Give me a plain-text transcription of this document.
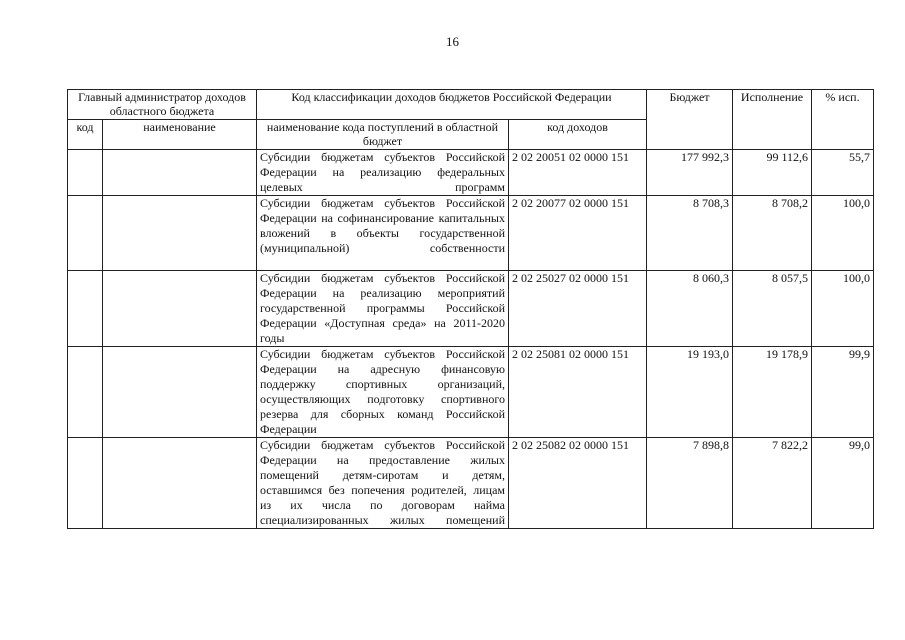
16
Главный администратор доходов областного бюджета		Код классификации доходов бюджетов Российской Федерации		Бюджет	Исполнение	% исп.
код	наименование	наименование кода поступлений в областной бюджет	код доходов			
		Субсидии бюджетам субъектов Российской Федерации на реализацию федеральных целевых программ	2 02 20051 02 0000 151	177 992,3	99 112,6	55,7
		Субсидии бюджетам субъектов Российской Федерации на софинансирование капитальных вложений в объекты государственной (муниципальной) собственности	2 02 20077 02 0000 151	8 708,3	8 708,2	100,0
		Субсидии бюджетам субъектов Российской Федерации на реализацию мероприятий государственной программы Российской Федерации «Доступная среда» на 2011-2020 годы	2 02 25027 02 0000 151	8 060,3	8 057,5	100,0
		Субсидии бюджетам субъектов Российской Федерации на адресную финансовую поддержку спортивных организаций, осуществляющих подготовку спортивного резерва для сборных команд Российской Федерации	2 02 25081 02 0000 151	19 193,0	19 178,9	99,9
		Субсидии бюджетам субъектов Российской Федерации на предоставление жилых помещений детям-сиротам и детям, оставшимся без попечения родителей, лицам из их числа по договорам найма специализированных жилых помещений	2 02 25082 02 0000 151	7 898,8	7 822,2	99,0
